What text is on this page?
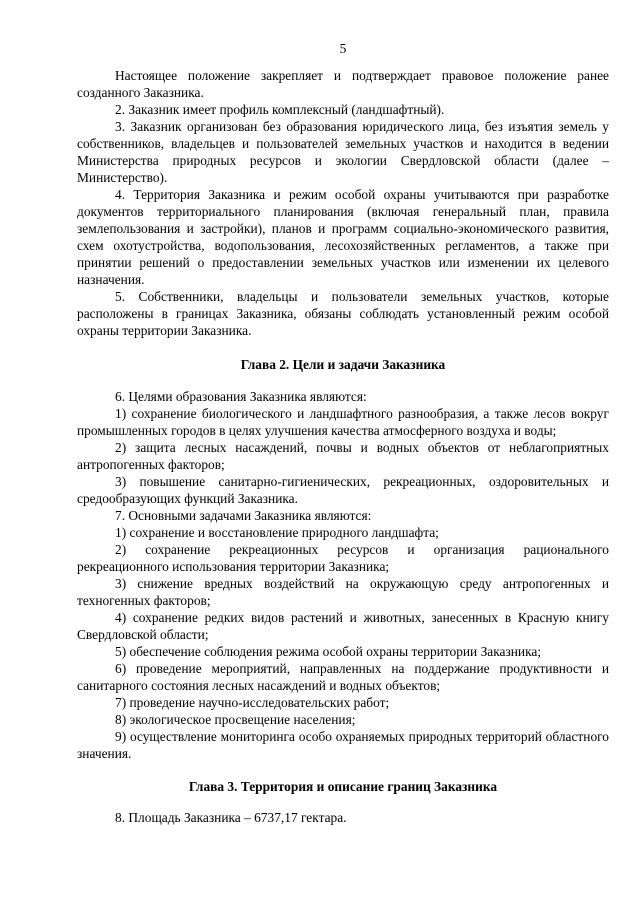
5

Настоящее положение закрепляет и подтверждает правовое положение ранее созданного Заказника.

2. Заказник имеет профиль комплексный (ландшафтный).

3. Заказник организован без образования юридического лица, без изъятия земель у собственников, владельцев и пользователей земельных участков и находится в ведении Министерства природных ресурсов и экологии Свердловской области (далее – Министерство).

4. Территория Заказника и режим особой охраны учитываются при разработке документов территориального планирования (включая генеральный план, правила землепользования и застройки), планов и программ социально-экономического развития, схем охотустройства, водопользования, лесохозяйственных регламентов, а также при принятии решений о предоставлении земельных участков или изменении их целевого назначения.

5. Собственники, владельцы и пользователи земельных участков, которые расположены в границах Заказника, обязаны соблюдать установленный режим особой охраны территории Заказника.

Глава 2. Цели и задачи Заказника

6. Целями образования Заказника являются:

1) сохранение биологического и ландшафтного разнообразия, а также лесов вокруг промышленных городов в целях улучшения качества атмосферного воздуха и воды;

2) защита лесных насаждений, почвы и водных объектов от неблагоприятных антропогенных факторов;

3) повышение санитарно-гигиенических, рекреационных, оздоровительных и средообразующих функций Заказника.

7. Основными задачами Заказника являются:

1) сохранение и восстановление природного ландшафта;

2) сохранение рекреационных ресурсов и организация рационального рекреационного использования территории Заказника;

3) снижение вредных воздействий на окружающую среду антропогенных и техногенных факторов;

4) сохранение редких видов растений и животных, занесенных в Красную книгу Свердловской области;

5) обеспечение соблюдения режима особой охраны территории Заказника;

6) проведение мероприятий, направленных на поддержание продуктивности и санитарного состояния лесных насаждений и водных объектов;

7) проведение научно-исследовательских работ;

8) экологическое просвещение населения;

9) осуществление мониторинга особо охраняемых природных территорий областного значения.

Глава 3. Территория и описание границ Заказника

8. Площадь Заказника – 6737,17 гектара.
